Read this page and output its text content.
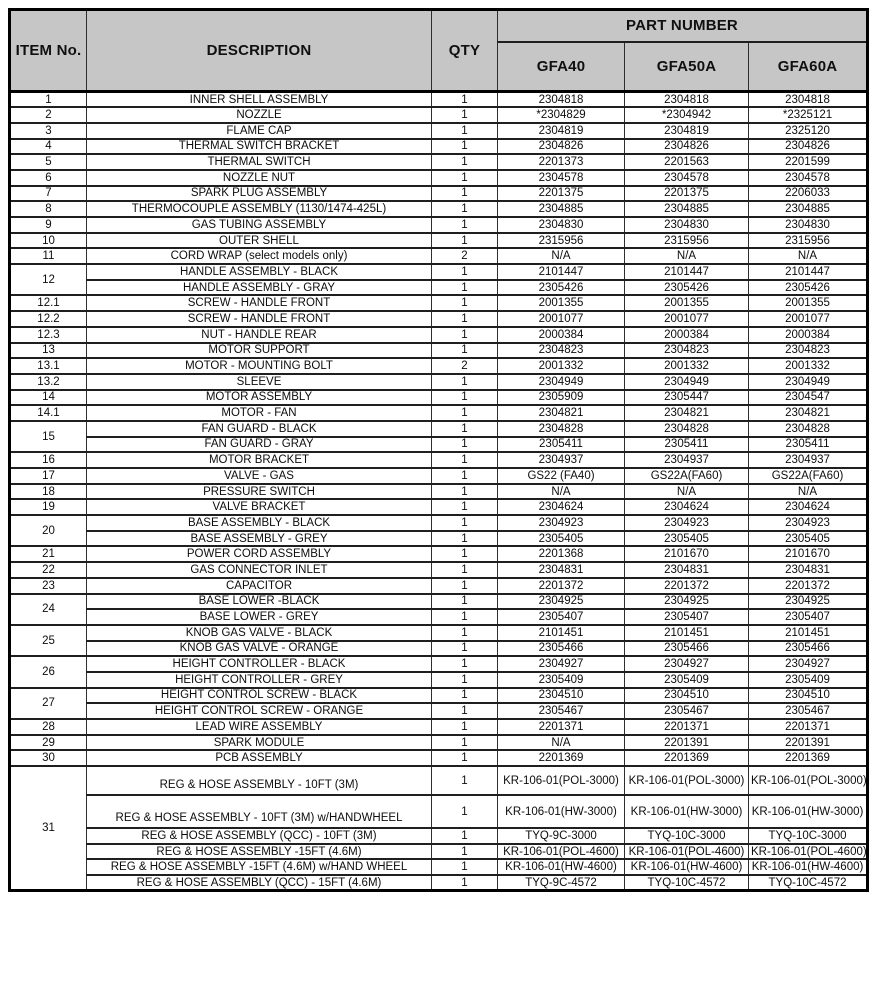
ITEM No.	DESCRIPTION	QTY	PART NUMBER		
			GFA40	GFA50A	GFA60A
1	INNER SHELL ASSEMBLY	1	2304818	2304818	2304818
2	NOZZLE	1	*2304829	*2304942	*2325121
3	FLAME CAP	1	2304819	2304819	2325120
4	THERMAL SWITCH BRACKET	1	2304826	2304826	2304826
5	THERMAL SWITCH	1	2201373	2201563	2201599
6	NOZZLE NUT	1	2304578	2304578	2304578
7	SPARK PLUG ASSEMBLY	1	2201375	2201375	2206033
8	THERMOCOUPLE ASSEMBLY (1130/1474-425L)	1	2304885	2304885	2304885
9	GAS TUBING ASSEMBLY	1	2304830	2304830	2304830
10	OUTER SHELL	1	2315956	2315956	2315956
11	CORD WRAP (select models only)	2	N/A	N/A	N/A
12	HANDLE ASSEMBLY - BLACK	1	2101447	2101447	2101447
	HANDLE ASSEMBLY - GRAY	1	2305426	2305426	2305426
12.1	SCREW - HANDLE FRONT	1	2001355	2001355	2001355
12.2	SCREW - HANDLE FRONT	1	2001077	2001077	2001077
12.3	NUT - HANDLE REAR	1	2000384	2000384	2000384
13	MOTOR SUPPORT	1	2304823	2304823	2304823
13.1	MOTOR - MOUNTING BOLT	2	2001332	2001332	2001332
13.2	SLEEVE	1	2304949	2304949	2304949
14	MOTOR ASSEMBLY	1	2305909	2305447	2304547
14.1	MOTOR - FAN	1	2304821	2304821	2304821
15	FAN GUARD - BLACK	1	2304828	2304828	2304828
	FAN GUARD - GRAY	1	2305411	2305411	2305411
16	MOTOR BRACKET	1	2304937	2304937	2304937
17	VALVE - GAS	1	GS22 (FA40)	GS22A(FA60)	GS22A(FA60)
18	PRESSURE SWITCH	1	N/A	N/A	N/A
19	VALVE BRACKET	1	2304624	2304624	2304624
20	BASE ASSEMBLY - BLACK	1	2304923	2304923	2304923
	BASE ASSEMBLY - GREY	1	2305405	2305405	2305405
21	POWER CORD ASSEMBLY	1	2201368	2101670	2101670
22	GAS CONNECTOR INLET	1	2304831	2304831	2304831
23	CAPACITOR	1	2201372	2201372	2201372
24	BASE LOWER -BLACK	1	2304925	2304925	2304925
	BASE LOWER - GREY	1	2305407	2305407	2305407
25	KNOB GAS VALVE - BLACK	1	2101451	2101451	2101451
	KNOB GAS VALVE - ORANGE	1	2305466	2305466	2305466
26	HEIGHT CONTROLLER - BLACK	1	2304927	2304927	2304927
	HEIGHT CONTROLLER - GREY	1	2305409	2305409	2305409
27	HEIGHT CONTROL SCREW - BLACK	1	2304510	2304510	2304510
	HEIGHT CONTROL SCREW - ORANGE	1	2305467	2305467	2305467
28	LEAD WIRE ASSEMBLY	1	2201371	2201371	2201371
29	SPARK MODULE	1	N/A	2201391	2201391
30	PCB ASSEMBLY	1	2201369	2201369	2201369
31	REG & HOSE ASSEMBLY - 10FT (3M)	1	KR-106-01(POL-3000)	KR-106-01(POL-3000)	KR-106-01(POL-3000)
	REG & HOSE ASSEMBLY - 10FT (3M) w/HANDWHEEL	1	KR-106-01(HW-3000)	KR-106-01(HW-3000)	KR-106-01(HW-3000)
	REG & HOSE ASSEMBLY (QCC) - 10FT (3M)	1	TYQ-9C-3000	TYQ-10C-3000	TYQ-10C-3000
	REG & HOSE ASSEMBLY -15FT (4.6M)	1	KR-106-01(POL-4600)	KR-106-01(POL-4600)	KR-106-01(POL-4600)
	REG & HOSE ASSEMBLY -15FT (4.6M) w/HAND WHEEL	1	KR-106-01(HW-4600)	KR-106-01(HW-4600)	KR-106-01(HW-4600)
	REG & HOSE ASSEMBLY (QCC) - 15FT (4.6M)	1	TYQ-9C-4572	TYQ-10C-4572	TYQ-10C-4572
